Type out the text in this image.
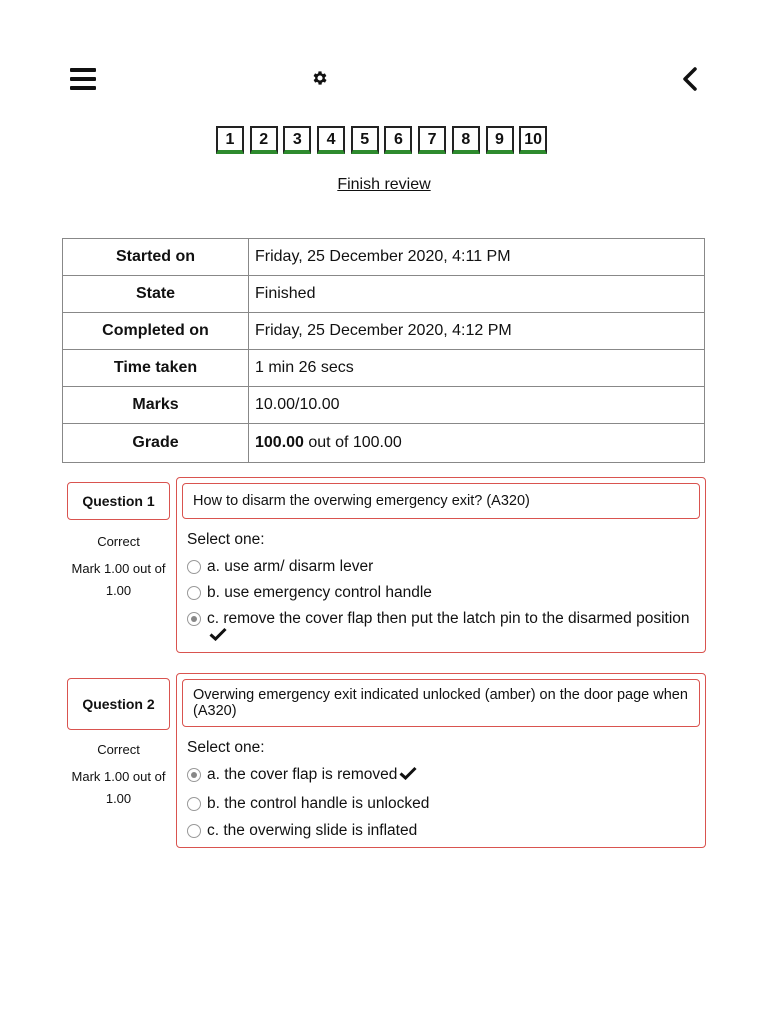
1	2	3	4	5	6	7	8	9	10
Finish review
Started on	Friday, 25 December 2020, 4:11 PM
State	Finished
Completed on	Friday, 25 December 2020, 4:12 PM
Time taken	1 min 26 secs
Marks	10.00/10.00
Grade	100.00 out of 100.00
Question 1
Correct
Mark 1.00 out of 1.00
How to disarm the overwing emergency exit? (A320)
Select one:
a. use arm/ disarm lever
b. use emergency control handle
c. remove the cover flap then put the latch pin to the disarmed position
Question 2
Correct
Mark 1.00 out of 1.00
Overwing emergency exit indicated unlocked (amber) on the door page when (A320)
Select one:
a. the cover flap is removed
b. the control handle is unlocked
c. the overwing slide is inflated
